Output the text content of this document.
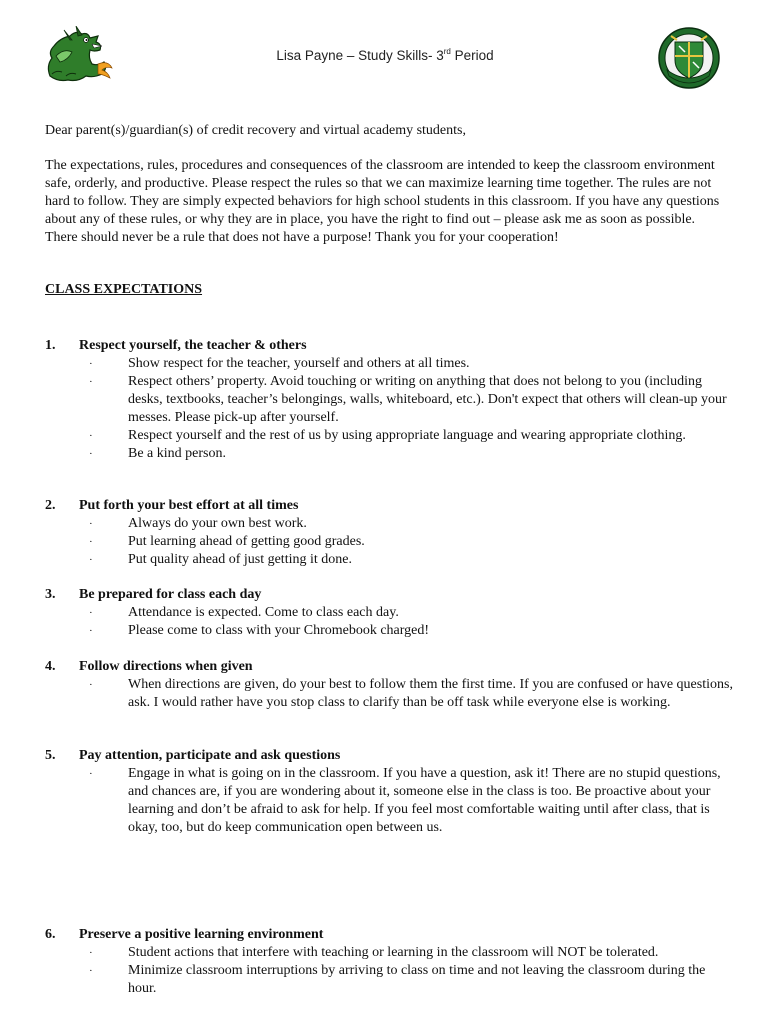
Lisa Payne – Study Skills- 3rd Period
Dear parent(s)/guardian(s) of credit recovery and virtual academy students,
The expectations, rules, procedures and consequences of the classroom are intended to keep the classroom environment safe, orderly, and productive. Please respect the rules so that we can maximize learning time together. The rules are not hard to follow. They are simply expected behaviors for high school students in this classroom. If you have any questions about any of these rules, or why they are in place, you have the right to find out – please ask me as soon as possible. There should never be a rule that does not have a purpose! Thank you for your cooperation!
CLASS EXPECTATIONS
1. Respect yourself, the teacher & others
·	Show respect for the teacher, yourself and others at all times.
·	Respect others’ property. Avoid touching or writing on anything that does not belong to you (including desks, textbooks, teacher’s belongings, walls, whiteboard, etc.). Don't expect that others will clean-up your messes. Please pick-up after yourself.
·	Respect yourself and the rest of us by using appropriate language and wearing appropriate clothing.
·	Be a kind person.
2. Put forth your best effort at all times
·	Always do your own best work.
·	Put learning ahead of getting good grades.
·	Put quality ahead of just getting it done.
3. Be prepared for class each day
·	Attendance is expected. Come to class each day.
·	Please come to class with your Chromebook charged!
4. Follow directions when given
·	When directions are given, do your best to follow them the first time. If you are confused or have questions, ask. I would rather have you stop class to clarify than be off task while everyone else is working.
5. Pay attention, participate and ask questions
·	Engage in what is going on in the classroom. If you have a question, ask it! There are no stupid questions, and chances are, if you are wondering about it, someone else in the class is too. Be proactive about your learning and don’t be afraid to ask for help. If you feel most comfortable waiting until after class, that is okay, too, but do keep communication open between us.
6. Preserve a positive learning environment
·	Student actions that interfere with teaching or learning in the classroom will NOT be tolerated.
·	Minimize classroom interruptions by arriving to class on time and not leaving the classroom during the hour.
